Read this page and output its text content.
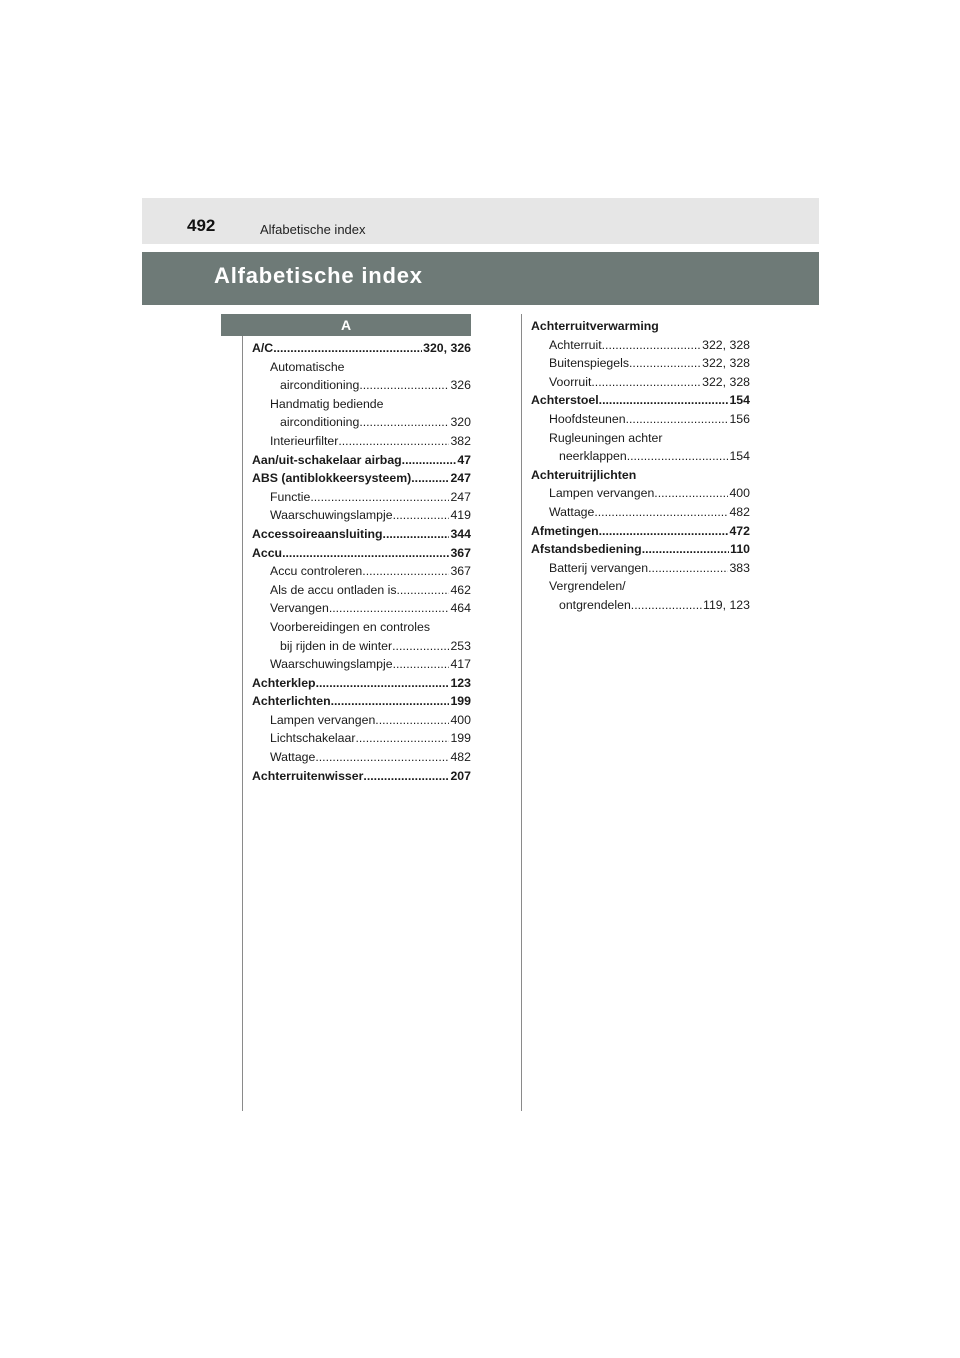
492	Alfabetische index
Alfabetische index
A
A/C .....	320, 326
Automatische
airconditioning .....	326
Handmatig bediende
airconditioning .....	320
Interieurfilter .....	382
Aan/uit-schakelaar airbag .....	47
ABS (antiblokkeersysteem) .....	247
Functie .....	247
Waarschuwingslampje .....	419
Accessoireaansluiting .....	344
Accu .....	367
Accu controleren .....	367
Als de accu ontladen is .....	462
Vervangen .....	464
Voorbereidingen en controles
bij rijden in de winter .....	253
Waarschuwingslampje .....	417
Achterklep .....	123
Achterlichten .....	199
Lampen vervangen .....	400
Lichtschakelaar .....	199
Wattage .....	482
Achterruitenwisser .....	207
Achterruitverwarming
Achterruit .....	322, 328
Buitenspiegels .....	322, 328
Voorruit .....	322, 328
Achterstoel .....	154
Hoofdsteunen .....	156
Rugleuningen achter
neerklappen .....	154
Achteruitrijlichten
Lampen vervangen .....	400
Wattage .....	482
Afmetingen .....	472
Afstandsbediening .....	110
Batterij vervangen .....	383
Vergrendelen/
ontgrendelen .....	119, 123
